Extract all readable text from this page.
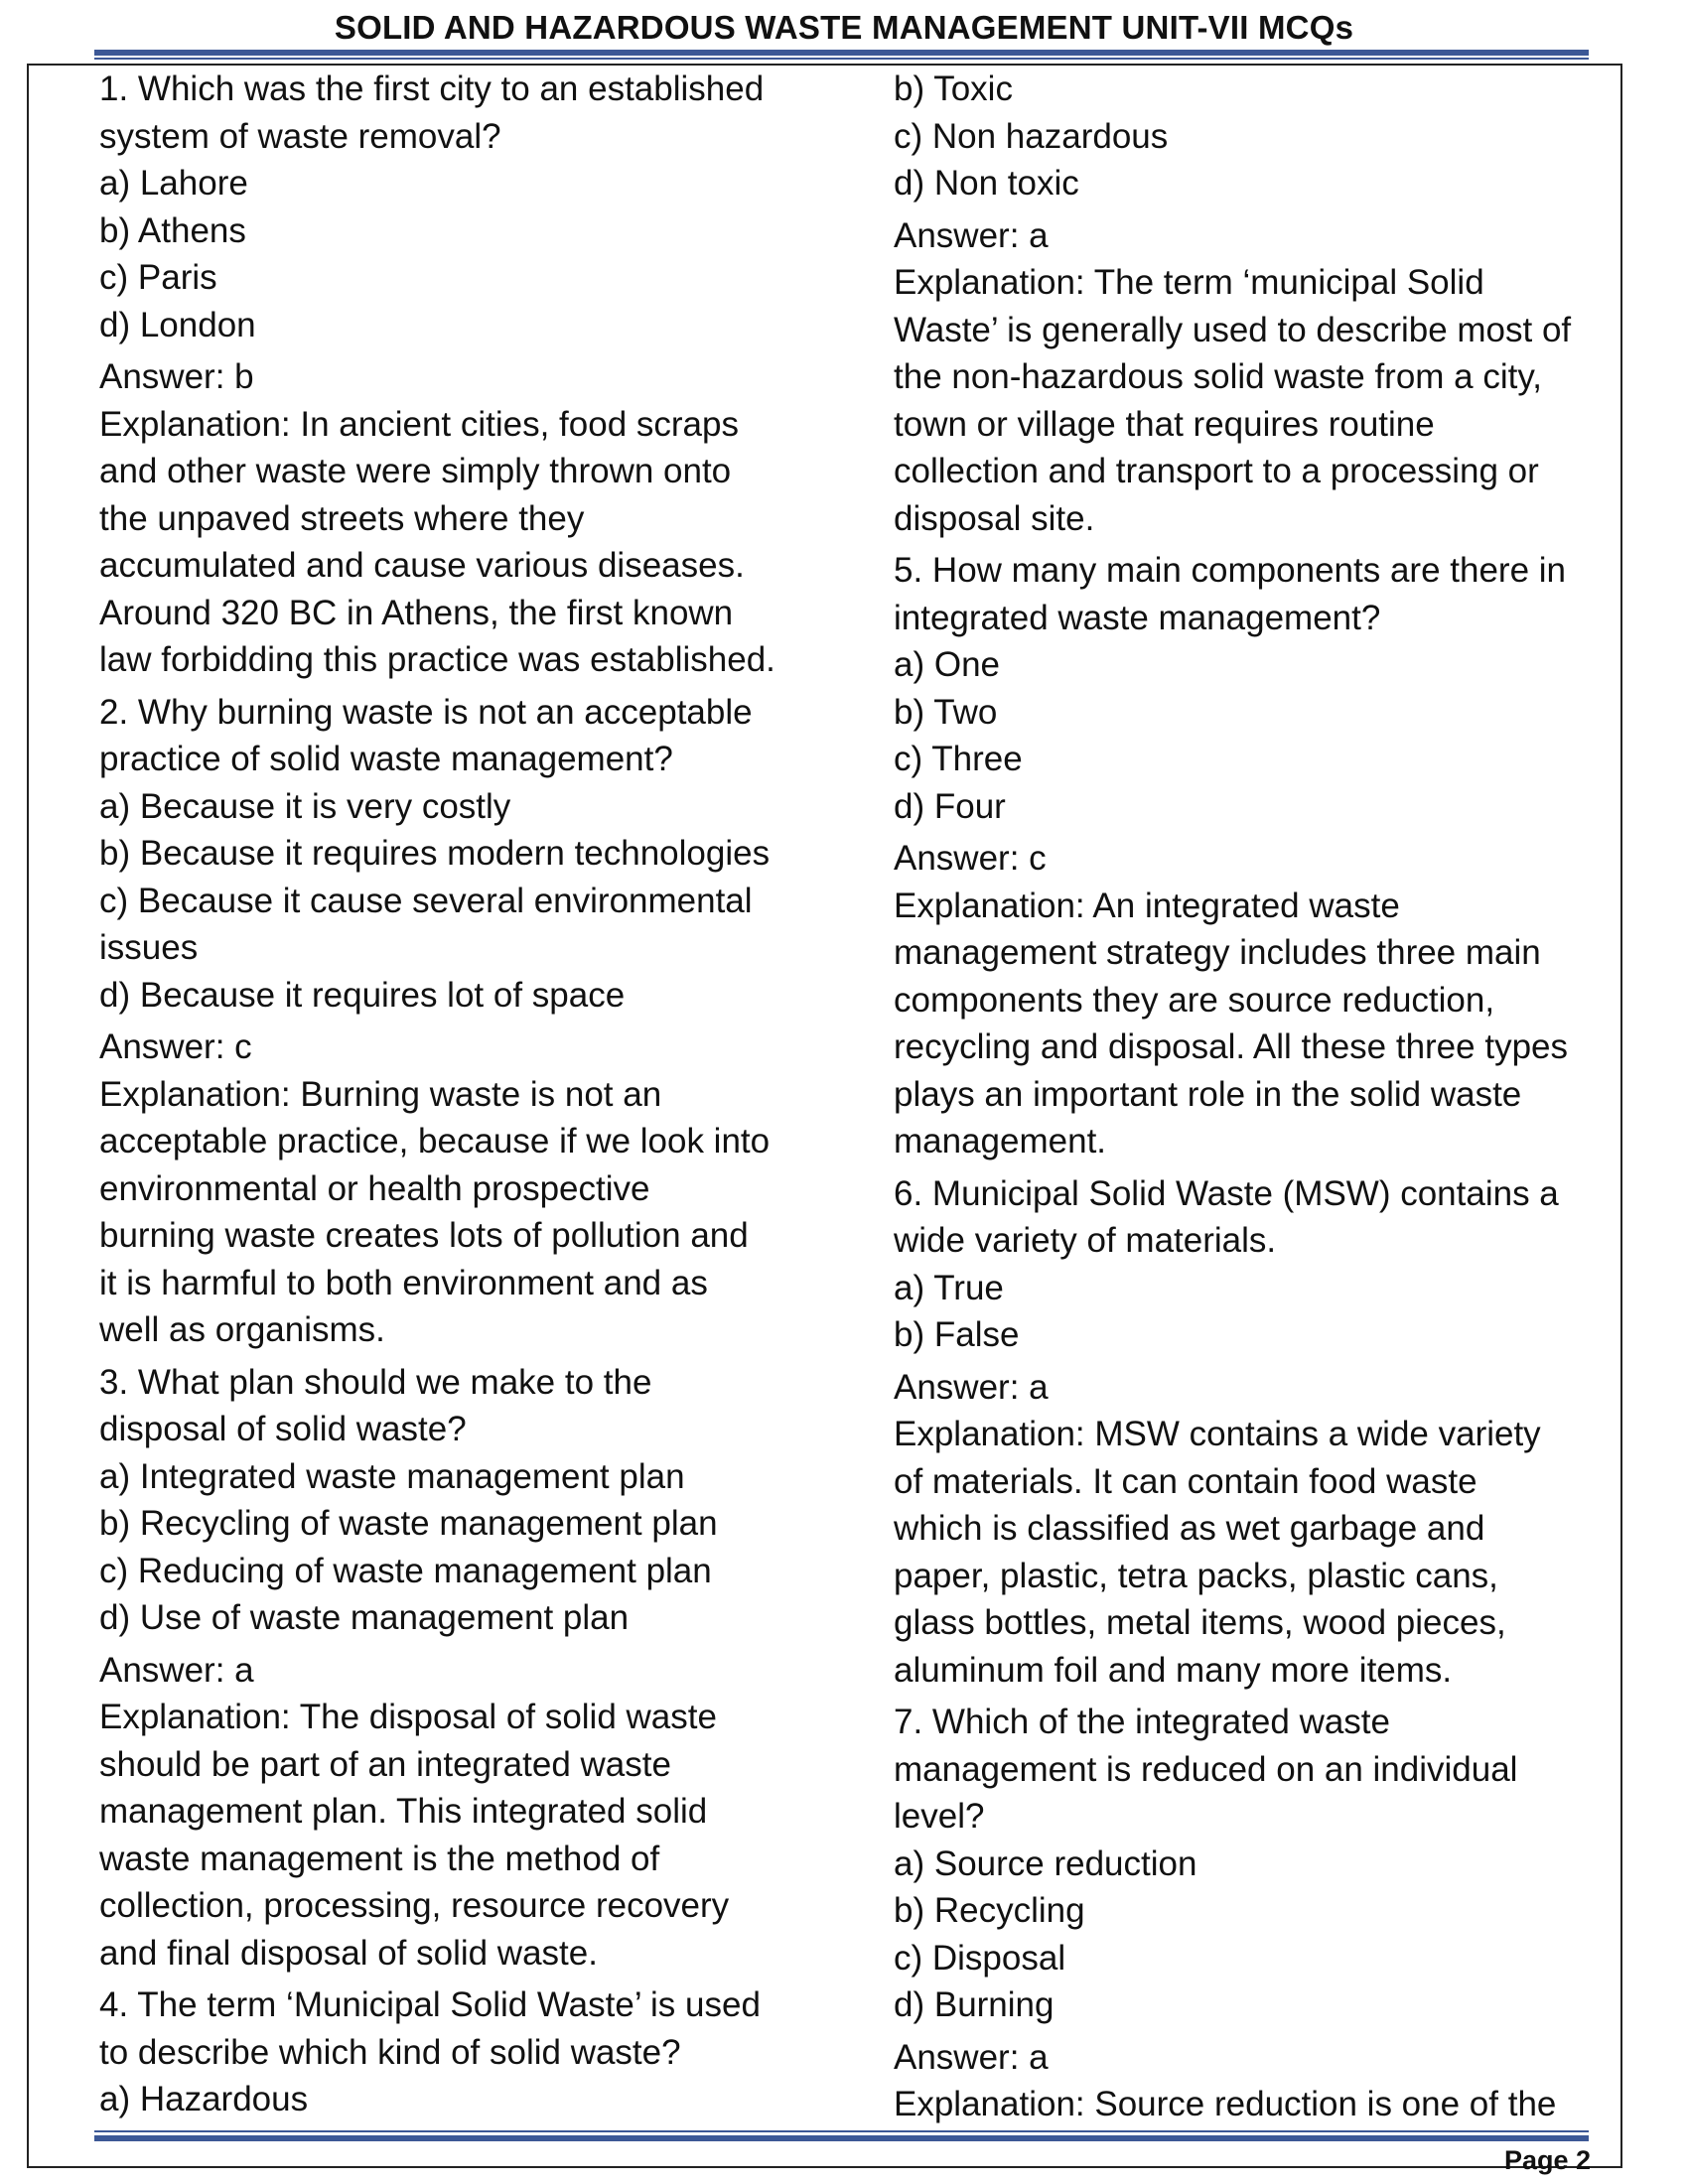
SOLID AND HAZARDOUS WASTE MANAGEMENT UNIT-VII MCQs
1. Which was the first city to an established
system of waste removal?
a) Lahore
b) Athens
c) Paris
d) London
Answer: b
Explanation: In ancient cities, food scraps
and other waste were simply thrown onto
the unpaved streets where they
accumulated and cause various diseases.
Around 320 BC in Athens, the first known
law forbidding this practice was established.
2. Why burning waste is not an acceptable
practice of solid waste management?
a) Because it is very costly
b) Because it requires modern technologies
c) Because it cause several environmental
issues
d) Because it requires lot of space
Answer: c
Explanation: Burning waste is not an
acceptable practice, because if we look into
environmental or health prospective
burning waste creates lots of pollution and
it is harmful to both environment and as
well as organisms.
3. What plan should we make to the
disposal of solid waste?
a) Integrated waste management plan
b) Recycling of waste management plan
c) Reducing of waste management plan
d) Use of waste management plan
Answer: a
Explanation: The disposal of solid waste
should be part of an integrated waste
management plan. This integrated solid
waste management is the method of
collection, processing, resource recovery
and final disposal of solid waste.
4. The term ‘Municipal Solid Waste’ is used
to describe which kind of solid waste?
a) Hazardous
b) Toxic
c) Non hazardous
d) Non toxic
Answer: a
Explanation: The term ‘municipal Solid
Waste’ is generally used to describe most of
the non-hazardous solid waste from a city,
town or village that requires routine
collection and transport to a processing or
disposal site.
5. How many main components are there in
integrated waste management?
a) One
b) Two
c) Three
d) Four
Answer: c
Explanation: An integrated waste
management strategy includes three main
components they are source reduction,
recycling and disposal. All these three types
plays an important role in the solid waste
management.
6. Municipal Solid Waste (MSW) contains a
wide variety of materials.
a) True
b) False
Answer: a
Explanation: MSW contains a wide variety
of materials. It can contain food waste
which is classified as wet garbage and
paper, plastic, tetra packs, plastic cans,
glass bottles, metal items, wood pieces,
aluminum foil and many more items.
7. Which of the integrated waste
management is reduced on an individual
level?
a) Source reduction
b) Recycling
c) Disposal
d) Burning
Answer: a
Explanation: Source reduction is one of the
Page 2
